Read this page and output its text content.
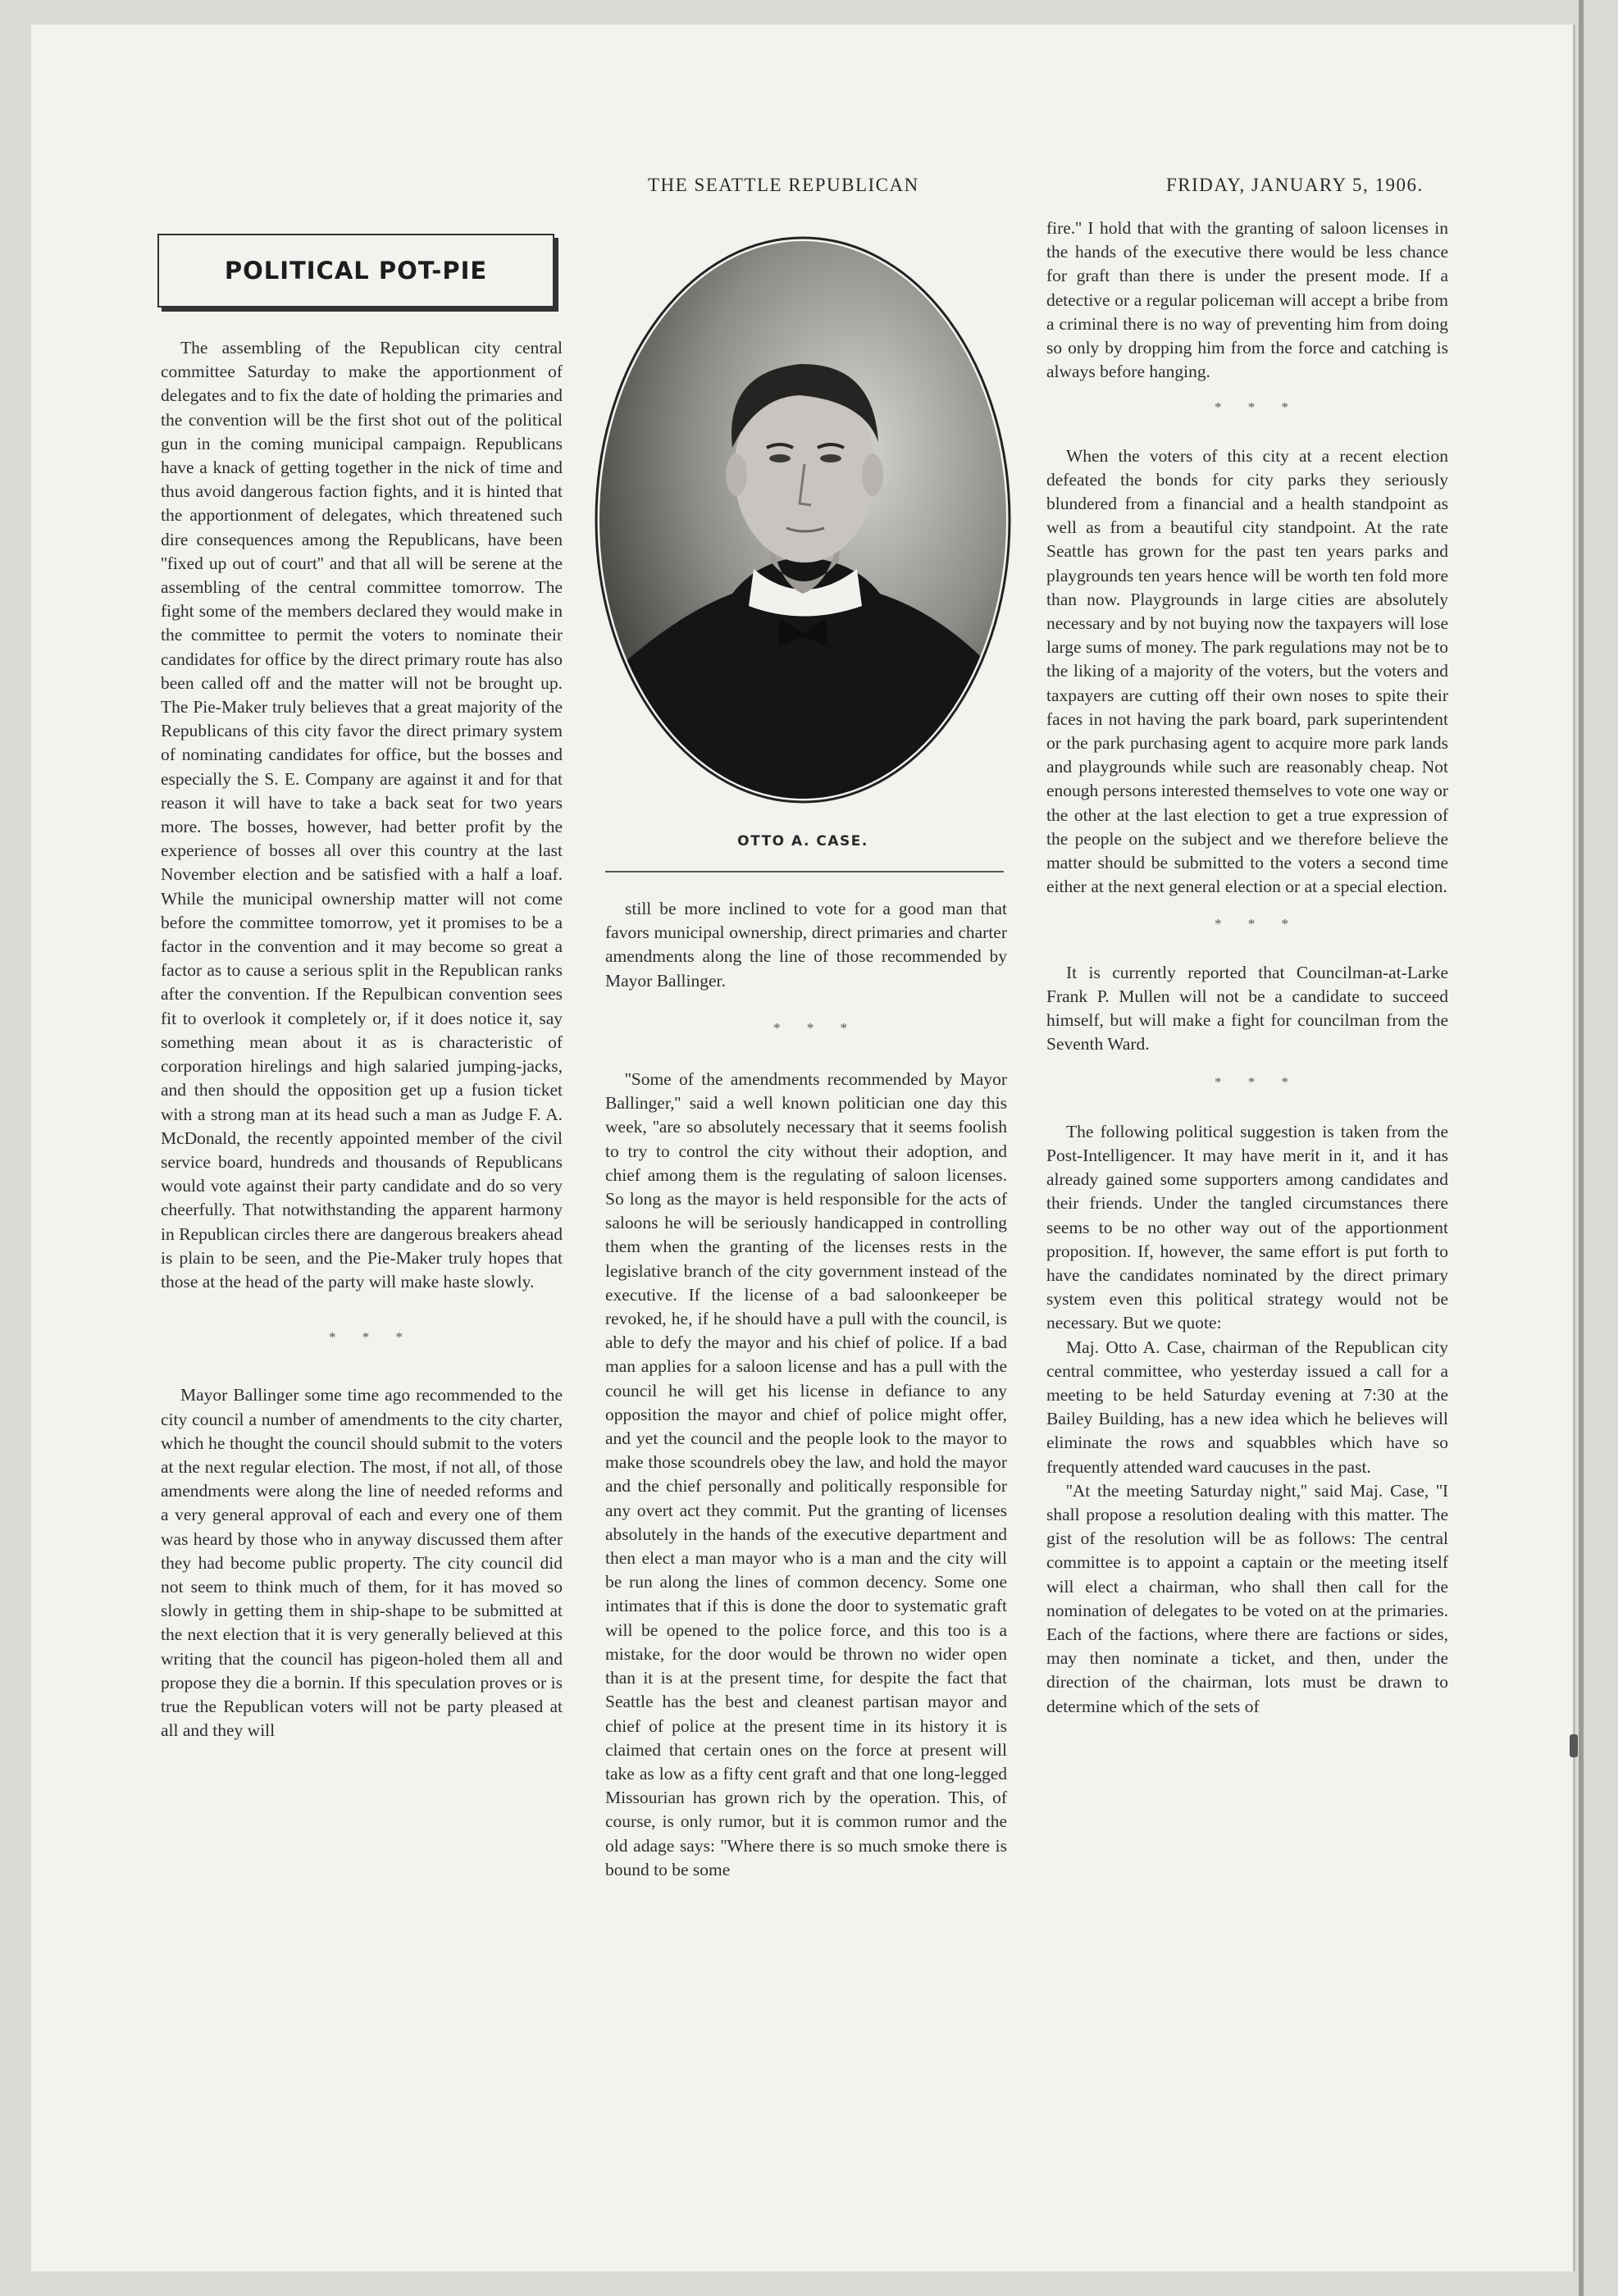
THE SEATTLE REPUBLICAN	FRIDAY, JANUARY 5, 1906.
POLITICAL POT-PIE

The assembling of the Republican city central committee Saturday to make the apportionment of delegates and to fix the date of holding the primaries and the convention will be the first shot out of the political gun in the coming municipal campaign. Republicans have a knack of getting together in the nick of time and thus avoid dangerous faction fights, and it is hinted that the apportionment of delegates, which threatened such dire consequences among the Republicans, have been ''fixed up out of court'' and that all will be serene at the assembling of the central committee tomorrow. The fight some of the members declared they would make in the committee to permit the voters to nominate their candidates for office by the direct primary route has also been called off and the matter will not be brought up. The Pie-Maker truly believes that a great majority of the Republicans of this city favor the direct primary system of nominating candidates for office, but the bosses and especially the S. E. Company are against it and for that reason it will have to take a back seat for two years more. The bosses, however, had better profit by the experience of bosses all over this country at the last November election and be satisfied with a half a loaf. While the municipal ownership matter will not come before the committee tomorrow, yet it promises to be a factor in the convention and it may become so great a factor as to cause a serious split in the Republican ranks after the convention. If the Repulbican convention sees fit to overlook it completely or, if it does notice it, say something mean about it as is characteristic of corporation hirelings and high salaried jumping-jacks, and then should the opposition get up a fusion ticket with a strong man at its head such a man as Judge F. A. McDonald, the recently appointed member of the civil service board, hundreds and thousands of Republicans would vote against their party candidate and do so very cheerfully. That notwithstanding the apparent harmony in Republican circles there are dangerous breakers ahead is plain to be seen, and the Pie-Maker truly hopes that those at the head of the party will make haste slowly.

* * *

Mayor Ballinger some time ago recommended to the city council a number of amendments to the city charter, which he thought the council should submit to the voters at the next regular election. The most, if not all, of those amendments were along the line of needed reforms and a very general approval of each and every one of them was heard by those who in anyway discussed them after they had become public property. The city council did not seem to think much of them, for it has moved so slowly in getting them in ship-shape to be submitted at the next election that it is very generally believed at this writing that the council has pigeon-holed them all and propose they die a bornin. If this speculation proves or is true the Republican voters will not be party pleased at all and they will

OTTO A. CASE.

still be more inclined to vote for a good man that favors municipal ownership, direct primaries and charter amendments along the line of those recommended by Mayor Ballinger.

* * *

''Some of the amendments recommended by Mayor Ballinger,'' said a well known politician one day this week, ''are so absolutely necessary that it seems foolish to try to control the city without their adoption, and chief among them is the regulating of saloon licenses. So long as the mayor is held responsible for the acts of saloons he will be seriously handicapped in controlling them when the granting of the licenses rests in the legislative branch of the city government instead of the executive. If the license of a bad saloonkeeper be revoked, he, if he should have a pull with the council, is able to defy the mayor and his chief of police. If a bad man applies for a saloon license and has a pull with the council he will get his license in defiance to any opposition the mayor and chief of police might offer, and yet the council and the people look to the mayor to make those scoundrels obey the law, and hold the mayor and the chief personally and politically responsible for any overt act they commit. Put the granting of licenses absolutely in the hands of the executive department and then elect a man mayor who is a man and the city will be run along the lines of common decency. Some one intimates that if this is done the door to systematic graft will be opened to the police force, and this too is a mistake, for the door would be thrown no wider open than it is at the present time, for despite the fact that Seattle has the best and cleanest partisan mayor and chief of police at the present time in its history it is claimed that certain ones on the force at present will take as low as a fifty cent graft and that one long-legged Missourian has grown rich by the operation. This, of course, is only rumor, but it is common rumor and the old adage says: ''Where there is so much smoke there is bound to be some

fire.'' I hold that with the granting of saloon licenses in the hands of the executive there would be less chance for graft than there is under the present mode. If a detective or a regular policeman will accept a bribe from a criminal there is no way of preventing him from doing so only by dropping him from the force and catching is always before hanging.

* * *

When the voters of this city at a recent election defeated the bonds for city parks they seriously blundered from a financial and a health standpoint as well as from a beautiful city standpoint. At the rate Seattle has grown for the past ten years parks and playgrounds ten years hence will be worth ten fold more than now. Playgrounds in large cities are absolutely necessary and by not buying now the taxpayers will lose large sums of money. The park regulations may not be to the liking of a majority of the voters, but the voters and taxpayers are cutting off their own noses to spite their faces in not having the park board, park superintendent or the park purchasing agent to acquire more park lands and playgrounds while such are reasonably cheap. Not enough persons interested themselves to vote one way or the other at the last election to get a true expression of the people on the subject and we therefore believe the matter should be submitted to the voters a second time either at the next general election or at a special election.

* * *

It is currently reported that Councilman-at-Larke Frank P. Mullen will not be a candidate to succeed himself, but will make a fight for councilman from the Seventh Ward.

* * *

The following political suggestion is taken from the Post-Intelligencer. It may have merit in it, and it has already gained some supporters among candidates and their friends. Under the tangled circumstances there seems to be no other way out of the apportionment proposition. If, however, the same effort is put forth to have the candidates nominated by the direct primary system even this political strategy would not be necessary. But we quote:

Maj. Otto A. Case, chairman of the Republican city central committee, who yesterday issued a call for a meeting to be held Saturday evening at 7:30 at the Bailey Building, has a new idea which he believes will eliminate the rows and squabbles which have so frequently attended ward caucuses in the past.

''At the meeting Saturday night,'' said Maj. Case, ''I shall propose a resolution dealing with this matter. The gist of the resolution will be as follows: The central committee is to appoint a captain or the meeting itself will elect a chairman, who shall then call for the nomination of delegates to be voted on at the primaries. Each of the factions, where there are factions or sides, may then nominate a ticket, and then, under the direction of the chairman, lots must be drawn to determine which of the sets of
